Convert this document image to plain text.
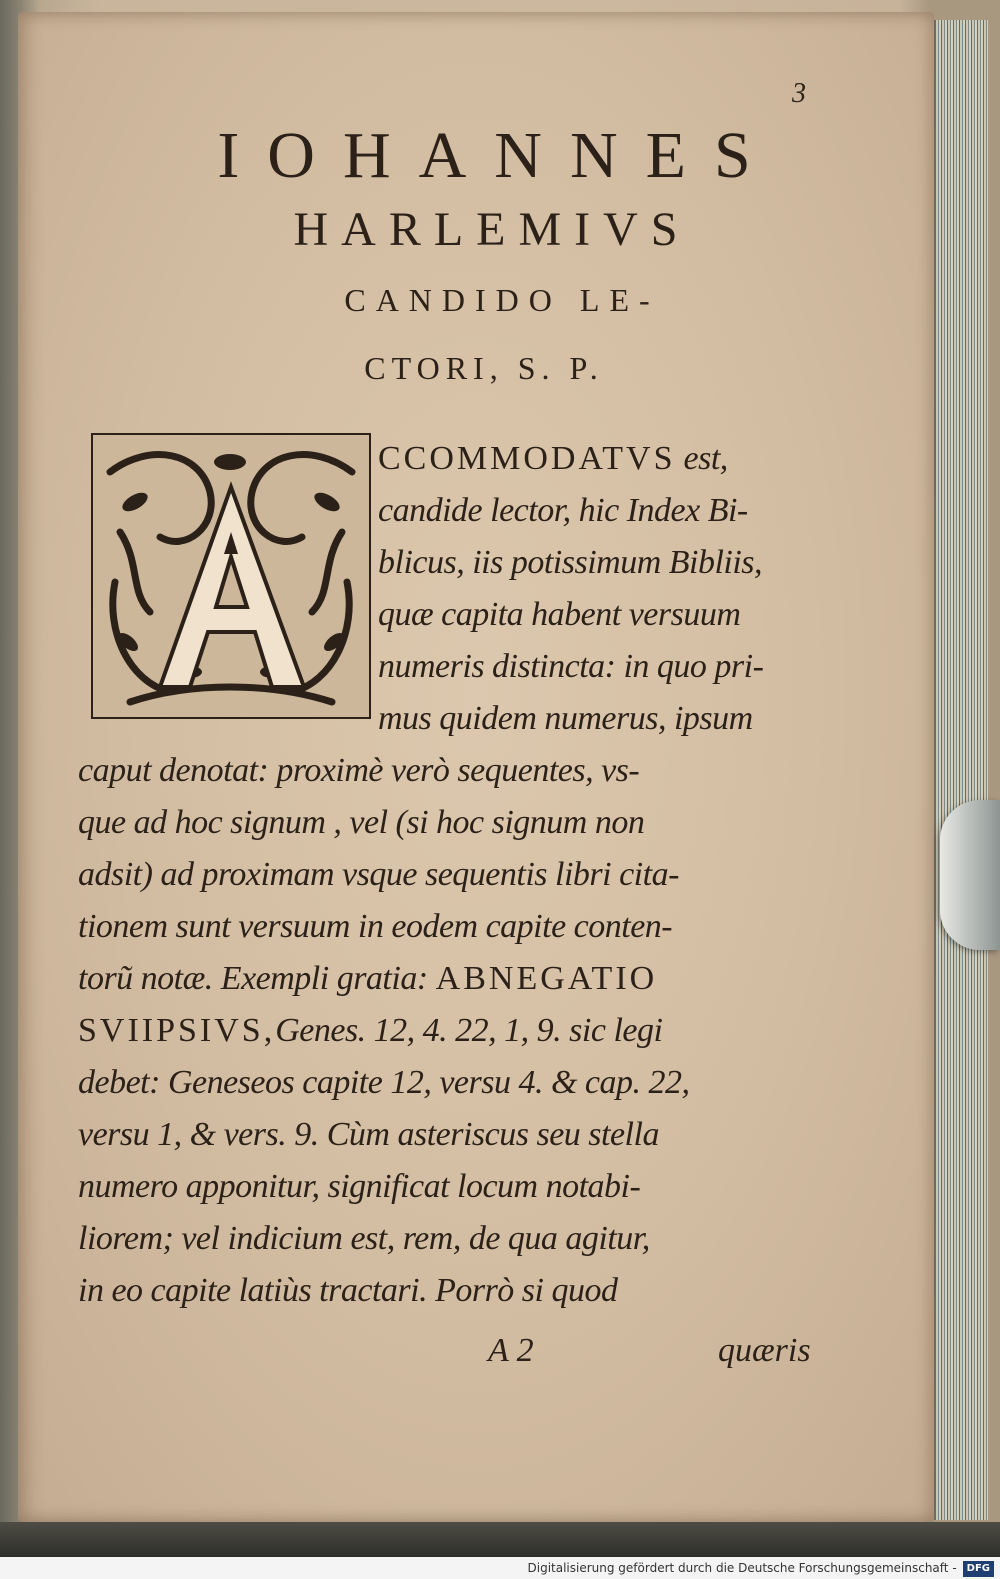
3
IOHANNES
HARLEMIVS
CANDIDO LE-
CTORI, S. P.
CCOMMODATVS est,
candide lector, hic Index Bi-
blicus, iis potissimum Bibliis,
quæ capita habent versuum
numeris distincta: in quo pri-
mus quidem numerus, ipsum
caput denotat: proximè verò sequentes, vs-
que ad hoc signum , vel (si hoc signum non
adsit) ad proximam vsque sequentis libri cita-
tionem sunt versuum in eodem capite conten-
torũ notæ. Exempli gratia: ABNEGATIO
SVIIPSIVS,Genes. 12, 4. 22, 1, 9. sic legi
debet: Geneseos capite 12, versu 4. & cap. 22,
versu 1, & vers. 9. Cùm asteriscus seu stella
numero apponitur, significat locum notabi-
liorem; vel indicium est, rem, de qua agitur,
in eo capite latiùs tractari. Porrò si quod
A 2	quæris
Digitalisierung gefördert durch die Deutsche Forschungsgemeinschaft - DFG
